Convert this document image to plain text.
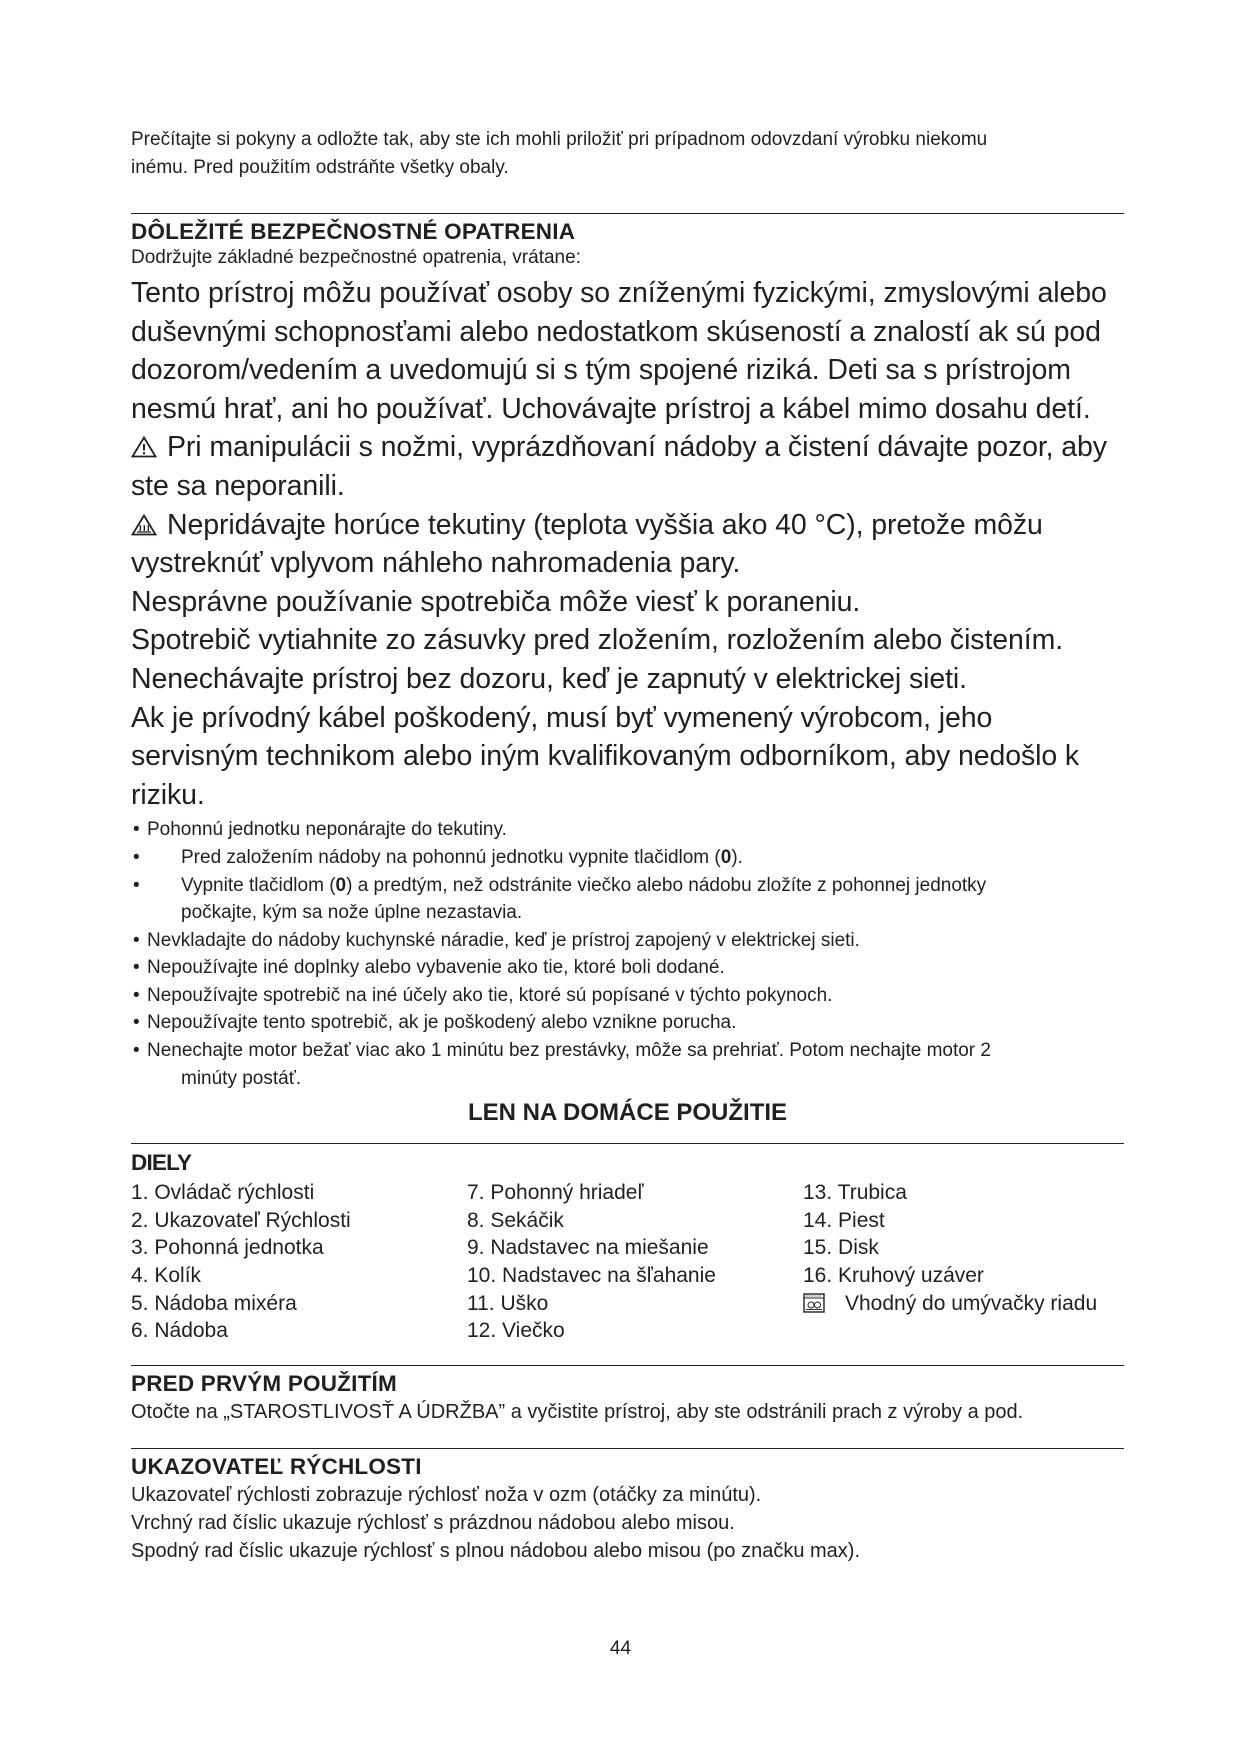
Prečítajte si pokyny a odložte tak, aby ste ich mohli priložiť pri prípadnom odovzdaní výrobku niekomu
inému. Pred použitím odstráňte všetky obaly.

DÔLEŽITÉ BEZPEČNOSTNÉ OPATRENIA

Dodržujte základné bezpečnostné opatrenia, vrátane:

Tento prístroj môžu používať osoby so zníženými fyzickými, zmyslovými alebo duševnými schopnosťami alebo nedostatkom skúseností a znalostí ak sú pod dozorom/vedením a uvedomujú si s tým spojené riziká. Deti sa s prístrojom nesmú hrať, ani ho používať. Uchovávajte prístroj a kábel mimo dosahu detí.

Pri manipulácii s nožmi, vyprázdňovaní nádoby a čistení dávajte pozor, aby ste sa neporanili.

Nepridávajte horúce tekutiny (teplota vyššia ako 40 °C), pretože môžu vystreknúť vplyvom náhleho nahromadenia pary.

Nesprávne používanie spotrebiča môže viesť k poraneniu.

Spotrebič vytiahnite zo zásuvky pred zložením, rozložením alebo čistením.

Nenechávajte prístroj bez dozoru, keď je zapnutý v elektrickej sieti.

Ak je prívodný kábel poškodený, musí byť vymenený výrobcom, jeho servisným technikom alebo iným kvalifikovaným odborníkom, aby nedošlo k riziku.

• Pohonnú jednotku neponárajte do tekutiny.
• Pred založením nádoby na pohonnú jednotku vypnite tlačidlom (0).
• Vypnite tlačidlom (0) a predtým, než odstránite viečko alebo nádobu zložíte z pohonnej jednotky
počkajte, kým sa nože úplne nezastavia.
• Nevkladajte do nádoby kuchynské náradie, keď je prístroj zapojený v elektrickej sieti.
• Nepoužívajte iné doplnky alebo vybavenie ako tie, ktoré boli dodané.
• Nepoužívajte spotrebič na iné účely ako tie, ktoré sú popísané v týchto pokynoch.
• Nepoužívajte tento spotrebič, ak je poškodený alebo vznikne porucha.
• Nenechajte motor bežať viac ako 1 minútu bez prestávky, môže sa prehriať. Potom nechajte motor 2
minúty postáť.
LEN NA DOMÁCE POUŽITIE
DIELY
1. Ovládač rýchlosti
2. Ukazovateľ Rýchlosti
3. Pohonná jednotka
4. Kolík
5. Nádoba mixéra
6. Nádoba
7. Pohonný hriadeľ
8. Sekáčik
9. Nadstavec na miešanie
10. Nadstavec na šľahanie
11. Uško
12. Viečko
13. Trubica
14. Piest
15. Disk
16. Kruhový uzáver
Vhodný do umývačky riadu
PRED PRVÝM POUŽITÍM

Otočte na „STAROSTLIVOSŤ A ÚDRŽBA” a vyčistite prístroj, aby ste odstránili prach z výroby a pod.

UKAZOVATEĽ RÝCHLOSTI

Ukazovateľ rýchlosti zobrazuje rýchlosť noža v ozm (otáčky za minútu).

Vrchný rad číslic ukazuje rýchlosť s prázdnou nádobou alebo misou.

Spodný rad číslic ukazuje rýchlosť s plnou nádobou alebo misou (po značku max).

44
